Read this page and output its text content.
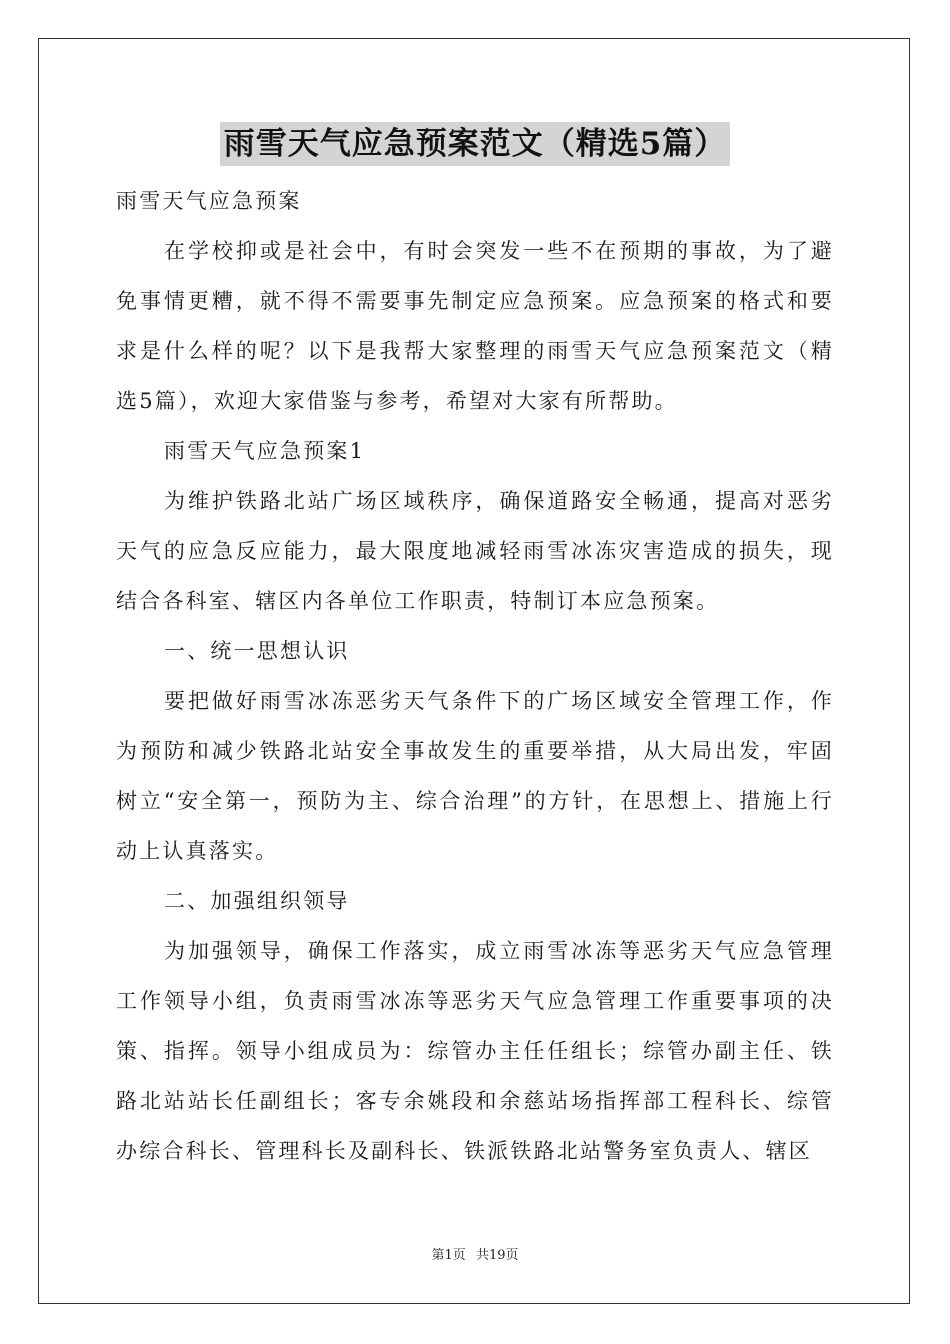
雨雪天气应急预案范文（精选5篇）

雨雪天气应急预案

在学校抑或是社会中，有时会突发一些不在预期的事故，为了避免事情更糟，就不得不需要事先制定应急预案。应急预案的格式和要求是什么样的呢？以下是我帮大家整理的雨雪天气应急预案范文（精选5篇），欢迎大家借鉴与参考，希望对大家有所帮助。

雨雪天气应急预案1

为维护铁路北站广场区域秩序，确保道路安全畅通，提高对恶劣天气的应急反应能力，最大限度地减轻雨雪冰冻灾害造成的损失，现结合各科室、辖区内各单位工作职责，特制订本应急预案。

一、统一思想认识

要把做好雨雪冰冻恶劣天气条件下的广场区域安全管理工作，作为预防和减少铁路北站安全事故发生的重要举措，从大局出发，牢固树立“安全第一，预防为主、综合治理”的方针，在思想上、措施上行动上认真落实。

二、加强组织领导

为加强领导，确保工作落实，成立雨雪冰冻等恶劣天气应急管理工作领导小组，负责雨雪冰冻等恶劣天气应急管理工作重要事项的决策、指挥。领导小组成员为：综管办主任任组长；综管办副主任、铁路北站站长任副组长；客专余姚段和余慈站场指挥部工程科长、综管办综合科长、管理科长及副科长、铁派铁路北站警务室负责人、辖区

第1页 共19页
